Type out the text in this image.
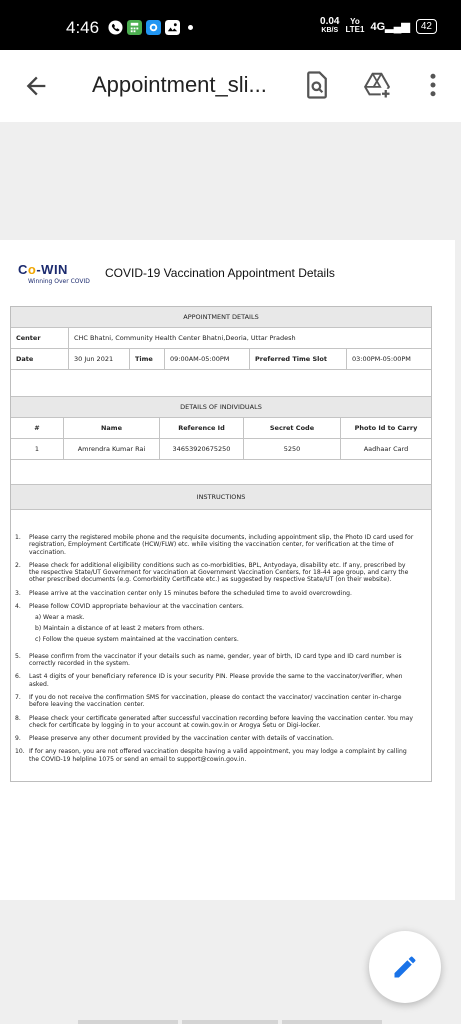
4:46	0.04
KB/S
Yo
LTE1 4G▂▄▆	42
Appointment_sli...
Co-WIN
Winning Over COVID
COVID-19 Vaccination Appointment Details
APPOINTMENT DETAILS
Center	CHC Bhatni, Community Health Center Bhatni,Deoria, Uttar Pradesh
Date	30 Jun 2021	Time	09:00AM-05:00PM	Preferred Time Slot	03:00PM-05:00PM
DETAILS OF INDIVIDUALS
#	Name	Reference Id	Secret Code	Photo Id to Carry
1	Amrendra Kumar Rai	34653920675250	5250	Aadhaar Card
INSTRUCTIONS
1.	Please carry the registered mobile phone and the requisite documents, including appointment slip, the Photo ID card used for registration, Employment Certificate (HCW/FLW) etc. while visiting the vaccination center, for verification at the time of vaccination.
2.	Please check for additional eligibility conditions such as co-morbidities, BPL, Antyodaya, disability etc. If any, prescribed by the respective State/UT Government for vaccination at Government Vaccination Centers, for 18-44 age group, and carry the other prescribed documents (e.g. Comorbidity Certificate etc.) as suggested by respective State/UT (on their website).
3.	Please arrive at the vaccination center only 15 minutes before the scheduled time to avoid overcrowding.
4.	Please follow COVID appropriate behaviour at the vaccination centers.
a) Wear a mask.
b) Maintain a distance of at least 2 meters from others.
c) Follow the queue system maintained at the vaccination centers.
5.	Please confirm from the vaccinator if your details such as name, gender, year of birth, ID card type and ID card number is correctly recorded in the system.
6.	Last 4 digits of your beneficiary reference ID is your security PIN. Please provide the same to the vaccinator/verifier, when asked.
7.	If you do not receive the confirmation SMS for vaccination, please do contact the vaccinator/ vaccination center in-charge before leaving the vaccination center.
8.	Please check your certificate generated after successful vaccination recording before leaving the vaccination center. You may check for certificate by logging in to your account at cowin.gov.in or Arogya Setu or Digi-locker.
9.	Please preserve any other document provided by the vaccination center with details of vaccination.
10. If for any reason, you are not offered vaccination despite having a valid appointment, you may lodge a complaint by calling the COVID-19 helpline 1075 or send an email to support@cowin.gov.in.
